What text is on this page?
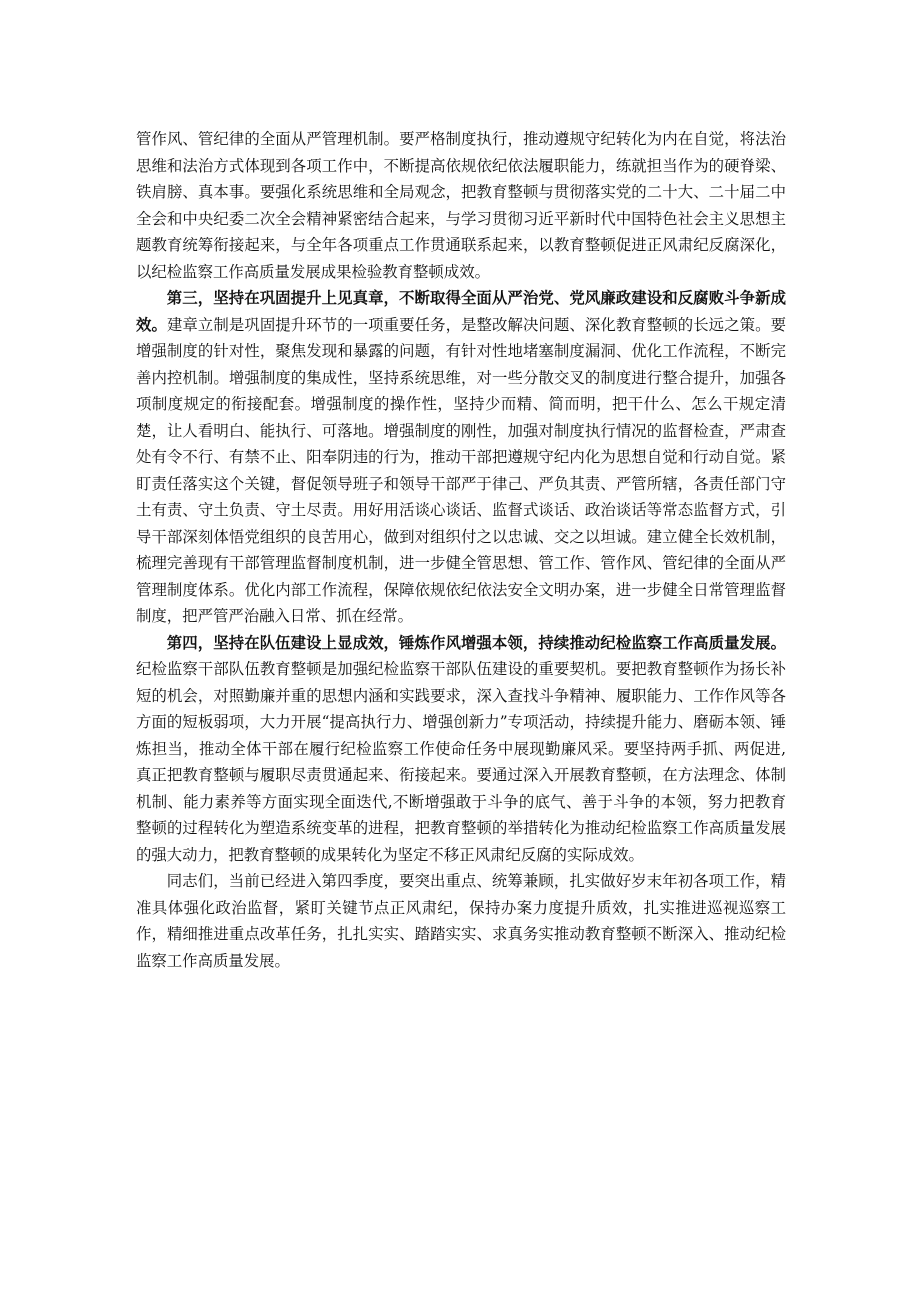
管作风、管纪律的全面从严管理机制。要严格制度执行，推动遵规守纪转化为内在自觉，将法治思维和法治方式体现到各项工作中，不断提高依规依纪依法履职能力，练就担当作为的硬脊梁、铁肩膀、真本事。要强化系统思维和全局观念，把教育整顿与贯彻落实党的二十大、二十届二中全会和中央纪委二次全会精神紧密结合起来，与学习贯彻习近平新时代中国特色社会主义思想主题教育统筹衔接起来，与全年各项重点工作贯通联系起来，以教育整顿促进正风肃纪反腐深化，以纪检监察工作高质量发展成果检验教育整顿成效。

第三，坚持在巩固提升上见真章，不断取得全面从严治党、党风廉政建设和反腐败斗争新成效。建章立制是巩固提升环节的一项重要任务，是整改解决问题、深化教育整顿的长远之策。要增强制度的针对性，聚焦发现和暴露的问题，有针对性地堵塞制度漏洞、优化工作流程，不断完善内控机制。增强制度的集成性，坚持系统思维，对一些分散交叉的制度进行整合提升，加强各项制度规定的衔接配套。增强制度的操作性，坚持少而精、简而明，把干什么、怎么干规定清楚，让人看明白、能执行、可落地。增强制度的刚性，加强对制度执行情况的监督检查，严肃查处有令不行、有禁不止、阳奉阴违的行为，推动干部把遵规守纪内化为思想自觉和行动自觉。紧盯责任落实这个关键，督促领导班子和领导干部严于律己、严负其责、严管所辖，各责任部门守土有责、守土负责、守土尽责。用好用活谈心谈话、监督式谈话、政治谈话等常态监督方式，引导干部深刻体悟党组织的良苦用心，做到对组织付之以忠诚、交之以坦诚。建立健全长效机制，梳理完善现有干部管理监督制度机制，进一步健全管思想、管工作、管作风、管纪律的全面从严管理制度体系。优化内部工作流程，保障依规依纪依法安全文明办案，进一步健全日常管理监督制度，把严管严治融入日常、抓在经常。

第四，坚持在队伍建设上显成效，锤炼作风增强本领，持续推动纪检监察工作高质量发展。纪检监察干部队伍教育整顿是加强纪检监察干部队伍建设的重要契机。要把教育整顿作为扬长补短的机会，对照勤廉并重的思想内涵和实践要求，深入查找斗争精神、履职能力、工作作风等各方面的短板弱项，大力开展“提高执行力、增强创新力”专项活动，持续提升能力、磨砺本领、锤炼担当，推动全体干部在履行纪检监察工作使命任务中展现勤廉风采。要坚持两手抓、两促进,真正把教育整顿与履职尽责贯通起来、衔接起来。要通过深入开展教育整顿，在方法理念、体制机制、能力素养等方面实现全面迭代,不断增强敢于斗争的底气、善于斗争的本领，努力把教育整顿的过程转化为塑造系统变革的进程，把教育整顿的举措转化为推动纪检监察工作高质量发展的强大动力，把教育整顿的成果转化为坚定不移正风肃纪反腐的实际成效。

同志们，当前已经进入第四季度，要突出重点、统筹兼顾，扎实做好岁末年初各项工作，精准具体强化政治监督，紧盯关键节点正风肃纪，保持办案力度提升质效，扎实推进巡视巡察工作，精细推进重点改革任务，扎扎实实、踏踏实实、求真务实推动教育整顿不断深入、推动纪检监察工作高质量发展。
